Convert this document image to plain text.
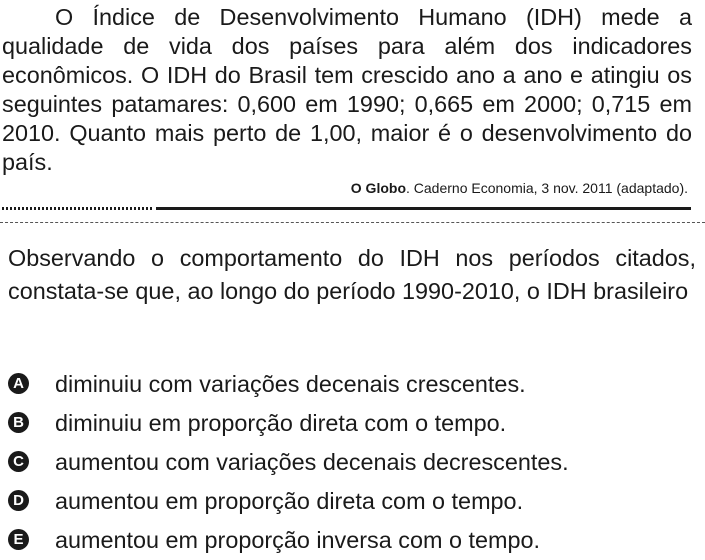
O Índice de Desenvolvimento Humano (IDH) mede a qualidade de vida dos países para além dos indicadores econômicos. O IDH do Brasil tem crescido ano a ano e atingiu os seguintes patamares: 0,600 em 1990; 0,665 em 2000; 0,715 em 2010. Quanto mais perto de 1,00, maior é o desenvolvimento do país.

O Globo. Caderno Economia, 3 nov. 2011 (adaptado).

Observando o comportamento do IDH nos períodos citados, constata-se que, ao longo do período 1990-2010, o IDH brasileiro

A diminuiu com variações decenais crescentes.
B diminuiu em proporção direta com o tempo.
C aumentou com variações decenais decrescentes.
D aumentou em proporção direta com o tempo.
E aumentou em proporção inversa com o tempo.
